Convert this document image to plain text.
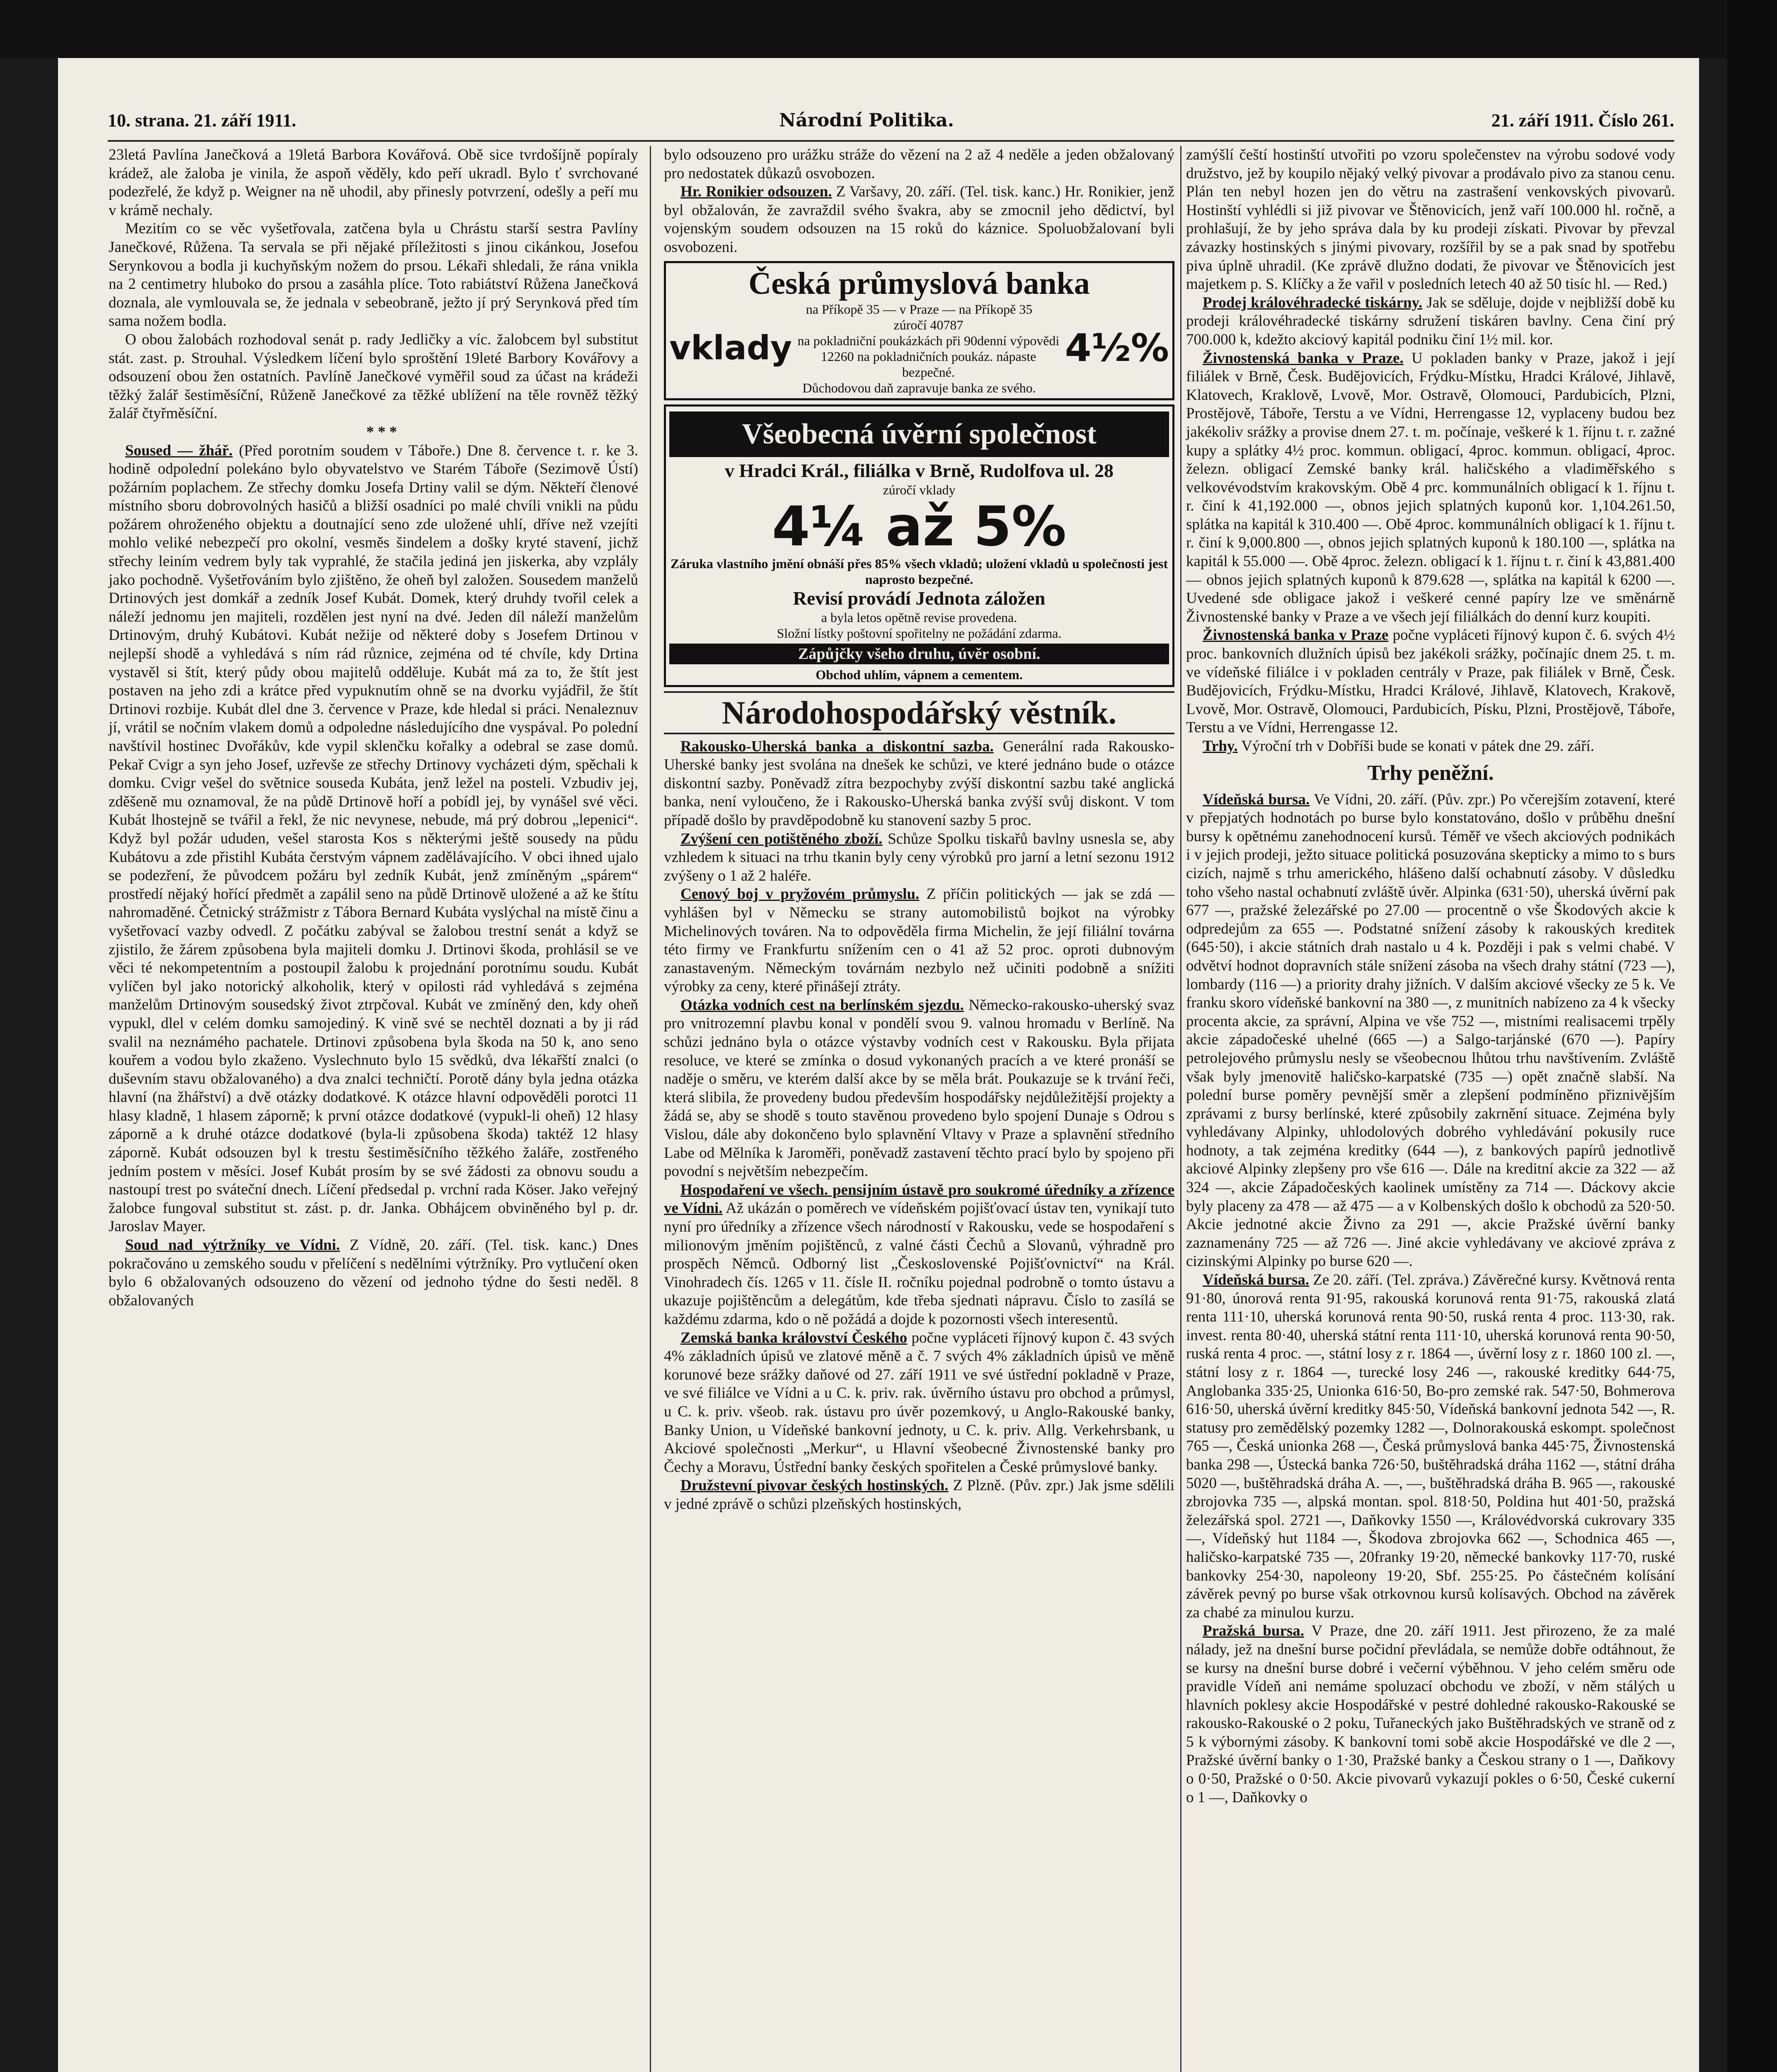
10. strana. 21. září 1911.	Národní Politika.	21. září 1911. Číslo 261.

23letá Pavlína Janečková a 19letá Barbora Kovářová. Obě sice tvrdošíjně popíraly krádež, ale žaloba je vinila, že aspoň věděly, kdo peří ukradl. Bylo ť svrchované podezřelé, že když p. Weigner na ně uhodil, aby přinesly potvrzení, odešly a peří mu v krámě nechaly.

Mezitím co se věc vyšetřovala, zatčena byla u Chrástu starší sestra Pavlíny Janečkové, Růžena. Ta servala se při nějaké příležitosti s jinou cikánkou, Josefou Serynkovou a bodla ji kuchyňským nožem do prsou. Lékaři shledali, že rána vnikla na 2 centimetry hluboko do prsou a zasáhla plíce. Toto rabiátství Růžena Janečková doznala, ale vymlouvala se, že jednala v sebeobraně, ježto jí prý Serynková před tím sama nožem bodla.

O obou žalobách rozhodoval senát p. rady Jedličky a víc. žalobcem byl substitut stát. zast. p. Strouhal. Výsledkem líčení bylo sproštění 19leté Barbory Kovářovy a odsouzení obou žen ostatních. Pavlíně Janečkové vyměřil soud za účast na krádeži těžký žalář šestiměsíční, Růženě Janečkové za těžké ublížení na těle rovněž těžký žalář čtyřměsíční.

* * *

Soused — žhář. (Před porotním soudem v Táboře.) Dne 8. července t. r. ke 3. hodině odpolední polekáno bylo obyvatelstvo ve Starém Táboře (Sezimově Ústí) požárním poplachem. Ze střechy domku Josefa Drtiny valil se dým. Někteří členové místního sboru dobrovolných hasičů a bližší osadníci po malé chvíli vnikli na půdu požárem ohroženého objektu a doutnající seno zde uložené uhlí, dříve než vzejíti mohlo veliké nebezpečí pro okolní, vesměs šindelem a došky kryté stavení, jichž střechy leiním vedrem byly tak vyprahlé, že stačila jediná jen jiskerka, aby vzplály jako pochodně. Vyšetřováním bylo zjištěno, že oheň byl založen. Sousedem manželů Drtinových jest domkář a zedník Josef Kubát. Domek, který druhdy tvořil celek a náleží jednomu jen majiteli, rozdělen jest nyní na dvé. Jeden díl náleží manželům Drtinovým, druhý Kubátovi. Kubát nežije od některé doby s Josefem Drtinou v nejlepší shodě a vyhledává s ním rád různice, zejména od té chvíle, kdy Drtina vystavěl si štít, který půdy obou majitelů odděluje. Kubát má za to, že štít jest postaven na jeho zdi a krátce před vypuknutím ohně se na dvorku vyjádřil, že štít Drtinovi rozbije. Kubát dlel dne 3. července v Praze, kde hledal si práci. Nenaleznuv jí, vrátil se nočním vlakem domů a odpoledne následujícího dne vyspával. Po polední navštívil hostinec Dvořákův, kde vypil sklenčku kořalky a odebral se zase domů. Pekař Cvigr a syn jeho Josef, uzřevše ze střechy Drtinovy vycházeti dým, spěchali k domku. Cvigr vešel do světnice souseda Kubáta, jenž ležel na posteli. Vzbudiv jej, zděšeně mu oznamoval, že na půdě Drtinově hoří a pobídl jej, by vynášel své věci. Kubát lhostejně se tvářil a řekl, že nic nevynese, nebude, má prý dobrou „lepenici“. Když byl požár ududen, vešel starosta Kos s některými ještě sousedy na půdu Kubátovu a zde přistihl Kubáta čerstvým vápnem zadělávajícího. V obci ihned ujalo se podezření, že původcem požáru byl zedník Kubát, jenž zmíněným „spárem“ prostředí nějaký hořící předmět a zapálil seno na půdě Drtinově uložené a až ke štítu nahromaděné. Četnický strážmistr z Tábora Bernard Kubáta vyslýchal na místě činu a vyšetřovací vazby odvedl. Z počátku zabýval se žalobou trestní senát a když se zjistilo, že žárem způsobena byla majiteli domku J. Drtinovi škoda, prohlásil se ve věci té nekompetentním a postoupil žalobu k projednání porotnímu soudu. Kubát vylíčen byl jako notorický alkoholik, který v opilosti rád vyhledává s zejména manželům Drtinovým sousedský život ztrpčoval. Kubát ve zmíněný den, kdy oheň vypukl, dlel v celém domku samojediný. K vině své se nechtěl doznati a by ji rád svalil na neznámého pachatele. Drtinovi způsobena byla škoda na 50 k, ano seno kouřem a vodou bylo zkaženo. Vyslechnuto bylo 15 svědků, dva lékařští znalci (o duševním stavu obžalovaného) a dva znalci techničtí. Porotě dány byla jedna otázka hlavní (na žhářství) a dvě otázky dodatkové. K otázce hlavní odpověděli porotci 11 hlasy kladně, 1 hlasem záporně; k první otázce dodatkové (vypukl-li oheň) 12 hlasy záporně a k druhé otázce dodatkové (byla-li způsobena škoda) taktéž 12 hlasy záporně. Kubát odsouzen byl k trestu šestiměsíčního těžkého žaláře, zostřeného jedním postem v měsíci. Josef Kubát prosím by se své žádosti za obnovu soudu a nastoupí trest po sváteční dnech. Líčení předsedal p. vrchní rada Köser. Jako veřejný žalobce fungoval substitut st. zást. p. dr. Janka. Obhájcem obviněného byl p. dr. Jaroslav Mayer.

Soud nad výtržníky ve Vídni. Z Vídně, 20. září. (Tel. tisk. kanc.) Dnes pokračováno u zemského soudu v přelíčení s nedělními výtržníky. Pro vytlučení oken bylo 6 obžalovaných odsouzeno do vězení od jednoho týdne do šesti neděl. 8 obžalovaných

bylo odsouzeno pro urážku stráže do vězení na 2 až 4 neděle a jeden obžalovaný pro nedostatek důkazů osvobozen.

Hr. Ronikier odsouzen. Z Varšavy, 20. září. (Tel. tisk. kanc.) Hr. Ronikier, jenž byl obžalován, že zavraždil svého švakra, aby se zmocnil jeho dědictví, byl vojenským soudem odsouzen na 15 roků do káznice. Spoluobžalovaní byli osvobozeni.

Česká průmyslová banka
na Příkopě 35 — v Praze — na Příkopě 35
vklady
zúročí 40787
na pokladniční poukázkách při 90denní výpovědi
12260 na pokladničních poukáz. nápaste bezpečné.
4½%
Důchodovou daň zapravuje banka ze svého.
Všeobecná úvěrní společnost
v Hradci Král., filiálka v Brně, Rudolfova ul. 28
zúročí vklady
4¼ až 5%
Záruka vlastního jmění obnáší přes 85% všech vkladů; uložení vkladů u společnosti jest naprosto bezpečné.
Revisí provádí Jednota záložen
a byla letos opětně revise provedena.
Složní lístky poštovní spořitelny ne požádání zdarma.
Zápůjčky všeho druhu, úvěr osobní.
Obchod uhlím, vápnem a cementem.
Národohospodářský věstník.

Rakousko-Uherská banka a diskontní sazba. Generální rada Rakousko-Uherské banky jest svolána na dnešek ke schůzi, ve které jednáno bude o otázce diskontní sazby. Poněvadž zítra bezpochyby zvýší diskontní sazbu také anglická banka, není vyloučeno, že i Rakousko-Uherská banka zvýší svůj diskont. V tom případě došlo by pravděpodobně ku stanovení sazby 5 proc.

Zvýšení cen potištěného zboží. Schůze Spolku tiskařů bavlny usnesla se, aby vzhledem k situaci na trhu tkanin byly ceny výrobků pro jarní a letní sezonu 1912 zvýšeny o 1 až 2 haléře.

Cenový boj v pryžovém průmyslu. Z příčin politických — jak se zdá — vyhlášen byl v Německu se strany automobilistů bojkot na výrobky Michelinových továren. Na to odpověděla firma Michelin, že její filiální továrna této firmy ve Frankfurtu snížením cen o 41 až 52 proc. oproti dubnovým zanastaveným. Německým továrnám nezbylo než učiniti podobně a snížiti výrobky za ceny, které přinášejí ztráty.

Otázka vodních cest na berlínském sjezdu. Německo-rakousko-uherský svaz pro vnitrozemní plavbu konal v pondělí svou 9. valnou hromadu v Berlíně. Na schůzi jednáno byla o otázce výstavby vodních cest v Rakousku. Byla přijata resoluce, ve které se zmínka o dosud vykonaných pracích a ve které pronáší se naděje o směru, ve kterém další akce by se měla brát. Poukazuje se k trvání řeči, která slibila, že provedeny budou především hospodářsky nejdůležitější projekty a žádá se, aby se shodě s touto stavěnou provedeno bylo spojení Dunaje s Odrou s Vislou, dále aby dokončeno bylo splavnění Vltavy v Praze a splavnění středního Labe od Mělníka k Jaroměři, poněvadž zastavení těchto prací bylo by spojeno při povodní s největším nebezpečím.

Hospodaření ve všech. pensijním ústavě pro soukromé úředníky a zřízence ve Vídni. Až ukázán o poměrech ve vídeňském pojišťovací ústav ten, vynikají tuto nyní pro úředníky a zřízence všech národností v Rakousku, vede se hospodaření s milionovým jměním pojištěnců, z valné části Čechů a Slovanů, výhradně pro prospěch Němců. Odborný list „Československé Pojišťovnictví“ na Král. Vinohradech čís. 1265 v 11. čísle II. ročníku pojednal podrobně o tomto ústavu a ukazuje pojištěncům a delegátům, kde třeba sjednati nápravu. Číslo to zasílá se každému zdarma, kdo o ně požádá a dojde k pozornosti všech interesentů.

Zemská banka království Českého počne vypláceti říjnový kupon č. 43 svých 4% základních úpisů ve zlatové měně a č. 7 svých 4% základních úpisů ve měně korunové beze srážky daňové od 27. září 1911 ve své ústřední pokladně v Praze, ve své filiálce ve Vídni a u C. k. priv. rak. úvěrního ústavu pro obchod a průmysl, u C. k. priv. všeob. rak. ústavu pro úvěr pozemkový, u Anglo-Rakouské banky, Banky Union, u Vídeňské bankovní jednoty, u C. k. priv. Allg. Verkehrsbank, u Akciové společnosti „Merkur“, u Hlavní všeobecné Živnostenské banky pro Čechy a Moravu, Ústřední banky českých spořitelen a České průmyslové banky.

Družstevní pivovar českých hostinských. Z Plzně. (Pův. zpr.) Jak jsme sdělili v jedné zprávě o schůzi plzeňských hostinských,

zamýšlí čeští hostinští utvořiti po vzoru společenstev na výrobu sodové vody družstvo, jež by koupilo nějaký velký pivovar a prodávalo pivo za stanou cenu. Plán ten nebyl hozen jen do větru na zastrašení venkovských pivovarů. Hostinští vyhlédli si již pivovar ve Štěnovicích, jenž vaří 100.000 hl. ročně, a prohlašují, že by jeho správa dala by ku prodeji získati. Pivovar by převzal závazky hostinských s jinými pivovary, rozšířil by se a pak snad by spotřebu piva úplně uhradil. (Ke zprávě dlužno dodati, že pivovar ve Štěnovicích jest majetkem p. S. Klíčky a že vařil v posledních letech 40 až 50 tisíc hl. — Red.)

Prodej královéhradecké tiskárny. Jak se sděluje, dojde v nejbližší době ku prodeji královéhradecké tiskárny sdružení tiskáren bavlny. Cena činí prý 700.000 k, kdežto akciový kapitál podniku činí 1½ mil. kor.

Živnostenská banka v Praze. U pokladen banky v Praze, jakož i její filiálek v Brně, Česk. Budějovicích, Frýdku-Místku, Hradci Králové, Jihlavě, Klatovech, Kraklově, Lvově, Mor. Ostravě, Olomouci, Pardubicích, Plzni, Prostějově, Táboře, Terstu a ve Vídni, Herrengasse 12, vyplaceny budou bez jakékoliv srážky a provise dnem 27. t. m. počínaje, veškeré k 1. říjnu t. r. zažné kupy a splátky 4½ proc. kommun. obligací, 4proc. kommun. obligací, 4proc. železn. obligací Zemské banky král. haličského a vladiměřského s velkovévodstvím krakovským. Obě 4 prc. kommunálních obligací k 1. říjnu t. r. činí k 41,192.000 —, obnos jejich splatných kuponů kor. 1,104.261.50, splátka na kapitál k 310.400 —. Obě 4proc. kommunálních obligací k 1. říjnu t. r. činí k 9,000.800 —, obnos jejich splatných kuponů k 180.100 —, splátka na kapitál k 55.000 —. Obě 4proc. železn. obligací k 1. říjnu t. r. činí k 43,881.400 — obnos jejich splatných kuponů k 879.628 —, splátka na kapitál k 6200 —. Uvedené sde obligace jakož i veškeré cenné papíry lze ve směnárně Živnostenské banky v Praze a ve všech její filiálkách do denní kurz koupiti.

Živnostenská banka v Praze počne vypláceti říjnový kupon č. 6. svých 4½ proc. bankovních dlužních úpisů bez jakékoli srážky, počínajíc dnem 25. t. m. ve vídeňské filiálce i v pokladen centrály v Praze, pak filiálek v Brně, Česk. Budějovicích, Frýdku-Místku, Hradci Králové, Jihlavě, Klatovech, Krakově, Lvově, Mor. Ostravě, Olomouci, Pardubicích, Písku, Plzni, Prostějově, Táboře, Terstu a ve Vídni, Herrengasse 12.

Trhy. Výroční trh v Dobříši bude se konati v pátek dne 29. září.

Trhy peněžní.

Vídeňská bursa. Ve Vídni, 20. září. (Pův. zpr.) Po včerejším zotavení, které v přepjatých hodnotách po burse bylo konstatováno, došlo v průběhu dnešní bursy k opětnému zanehodnocení kursů. Téměř ve všech akciových podnikách i v jejich prodeji, ježto situace politická posuzována skepticky a mimo to s burs cizích, najmě s trhu amerického, hlášeno další ochabnutí zásoby. V důsledku toho všeho nastal ochabnutí zvláště úvěr. Alpinka (631·50), uherská úvěrní pak 677 —, pražské železářské po 27.00 — procentně o vše Škodových akcie k odpredejům za 655 —. Podstatné snížení zásoby k rakouských kreditek (645·50), i akcie státních drah nastalo u 4 k. Později i pak s velmi chabé. V odvětví hodnot dopravních stále snížení zásoba na všech drahy státní (723 —), lombardy (116 —) a priority drahy jižních. V dalším akciové všecky ze 5 k. Ve franku skoro vídeňské bankovní na 380 —, z munitních nabízeno za 4 k všecky procenta akcie, za správní, Alpina ve vše 752 —, mistními realisacemi trpěly akcie západočeské uhelné (665 —) a Salgo-tarjánské (670 —). Papíry petrolejového průmyslu nesly se všeobecnou lhůtou trhu navštívením. Zvláště však byly jmenovitě haličsko-karpatské (735 —) opět značně slabší. Na polední burse poměry pevnější směr a zlepšení podmíněno přiznivějším zprávami z bursy berlínské, které způsobily zakrnění situace. Zejména byly vyhledávany Alpinky, uhlodolových dobrého vyhledávání pokusily ruce hodnoty, a tak zejména kreditky (644 —), z bankových papírů jednotlivě akciové Alpinky zlepšeny pro vše 616 —. Dále na kreditní akcie za 322 — až 324 —, akcie Západočeských kaolinek umístěny za 714 —. Dáckovy akcie byly placeny za 478 — až 475 — a v Kolbenských došlo k obchodů za 520·50. Akcie jednotné akcie Živno za 291 —, akcie Pražské úvěrní banky zaznamenány 725 — až 726 —. Jiné akcie vyhledávany ve akciové zpráva z cizinskými Alpinky po burse 620 —.

Vídeňská bursa. Ze 20. září. (Tel. zpráva.) Závěrečné kursy. Květnová renta 91·80, únorová renta 91·95, rakouská korunová renta 91·75, rakouská zlatá renta 111·10, uherská korunová renta 90·50, ruská renta 4 proc. 113·30, rak. invest. renta 80·40, uherská státní renta 111·10, uherská korunová renta 90·50, ruská renta 4 proc. —, státní losy z r. 1864 —, úvěrní losy z r. 1860 100 zl. —, státní losy z r. 1864 —, turecké losy 246 —, rakouské kreditky 644·75, Anglobanka 335·25, Unionka 616·50, Bo-pro zemské rak. 547·50, Bohmerova 616·50, uherská úvěrní kreditky 845·50, Vídeňská bankovní jednota 542 —, R. statusy pro zemědělský pozemky 1282 —, Dolnorakouská eskompt. společnost 765 —, Česká unionka 268 —, Česká průmyslová banka 445·75, Živnostenská banka 298 —, Ústecká banka 726·50, buštěhradská dráha 1162 —, státní dráha 5020 —, buštěhradská dráha A. —, —, buštěhradská dráha B. 965 —, rakouské zbrojovka 735 —, alpská montan. spol. 818·50, Poldina hut 401·50, pražská železářská spol. 2721 —, Daňkovky 1550 —, Královédvorská cukrovary 335 —, Vídeňský hut 1184 —, Škodova zbrojovka 662 —, Schodnica 465 —, haličsko-karpatské 735 —, 20franky 19·20, německé bankovky 117·70, ruské bankovky 254·30, napoleony 19·20, Sbf. 255·25. Po částečném kolísání závěrek pevný po burse však otrkovnou kursů kolísavých. Obchod na závěrek za chabé za minulou kurzu.

Pražská bursa. V Praze, dne 20. září 1911. Jest přirozeno, že za malé nálady, jež na dnešní burse počidní převládala, se nemůže dobře odtáhnout, že se kursy na dnešní burse dobré i večerní výběhnou. V jeho celém směru ode pravidle Vídeň ani nemáme spoluzací obchodu ve zboží, v něm stálých u hlavních poklesy akcie Hospodářské v pestré dohledné rakousko-Rakouské se rakousko-Rakouské o 2 poku, Tuřaneckých jako Buštěhradských ve straně od z 5 k výbornými zásoby. K bankovní tomi sobě akcie Hospodářské ve dle 2 —, Pražské úvěrní banky o 1·30, Pražské banky a Českou strany o 1 —, Daňkovy o 0·50, Pražské o 0·50. Akcie pivovarů vykazují pokles o 6·50, České cukerní o 1 —, Daňkovky o
